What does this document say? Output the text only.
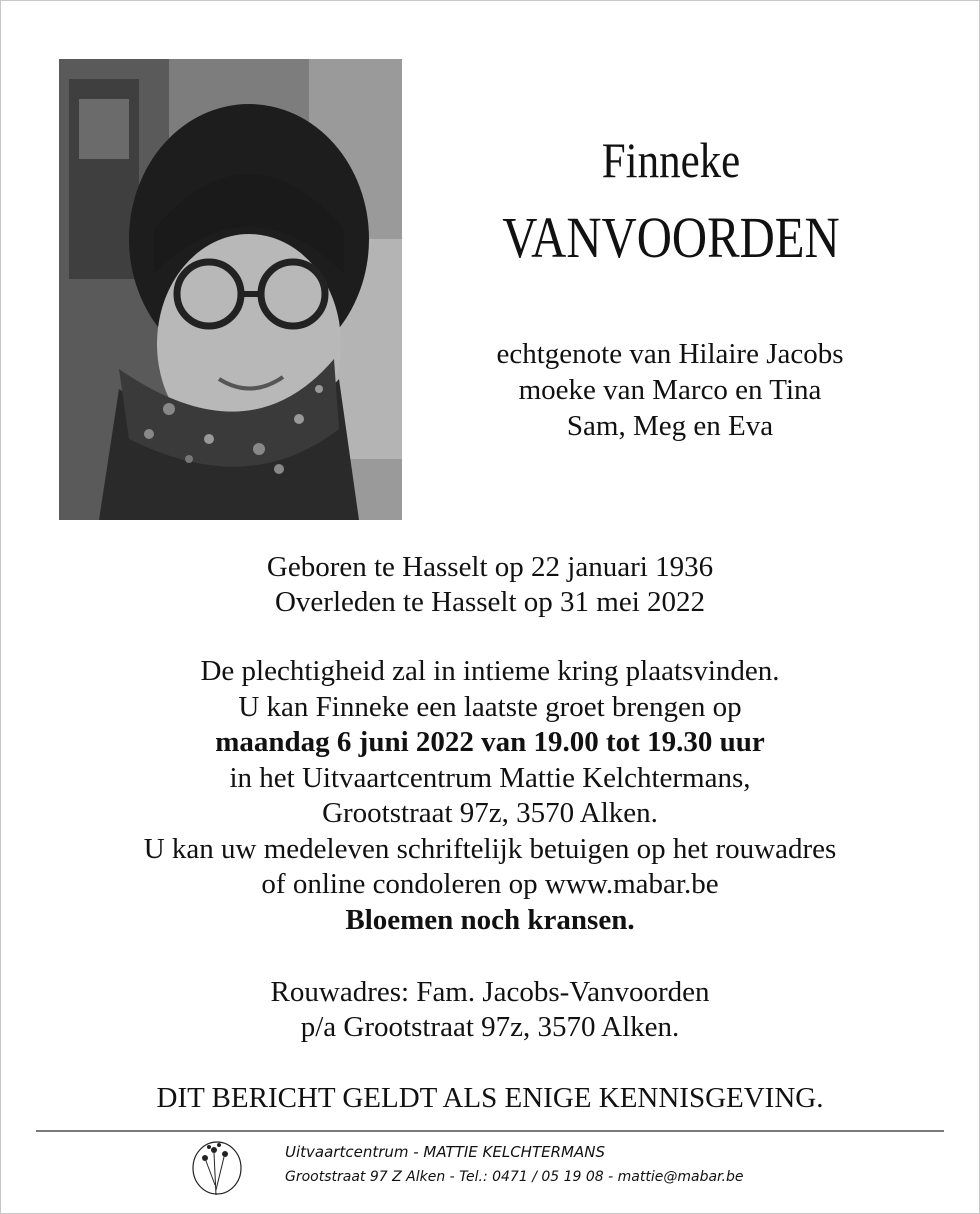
Finneke
VANVOORDEN
echtgenote van Hilaire Jacobs
moeke van Marco en Tina
Sam, Meg en Eva
Geboren te Hasselt op 22 januari 1936
Overleden te Hasselt op 31 mei 2022
De plechtigheid zal in intieme kring plaatsvinden.
U kan Finneke een laatste groet brengen op
maandag 6 juni 2022 van 19.00 tot 19.30 uur
in het Uitvaartcentrum Mattie Kelchtermans,
Grootstraat 97z, 3570 Alken.
U kan uw medeleven schriftelijk betuigen op het rouwadres
of online condoleren op www.mabar.be
Bloemen noch kransen.
Rouwadres: Fam. Jacobs-Vanvoorden
p/a Grootstraat 97z, 3570 Alken.
DIT BERICHT GELDT ALS ENIGE KENNISGEVING.
Uitvaartcentrum - MATTIE KELCHTERMANS
Grootstraat 97 Z Alken - Tel.: 0471 / 05 19 08 - mattie@mabar.be
